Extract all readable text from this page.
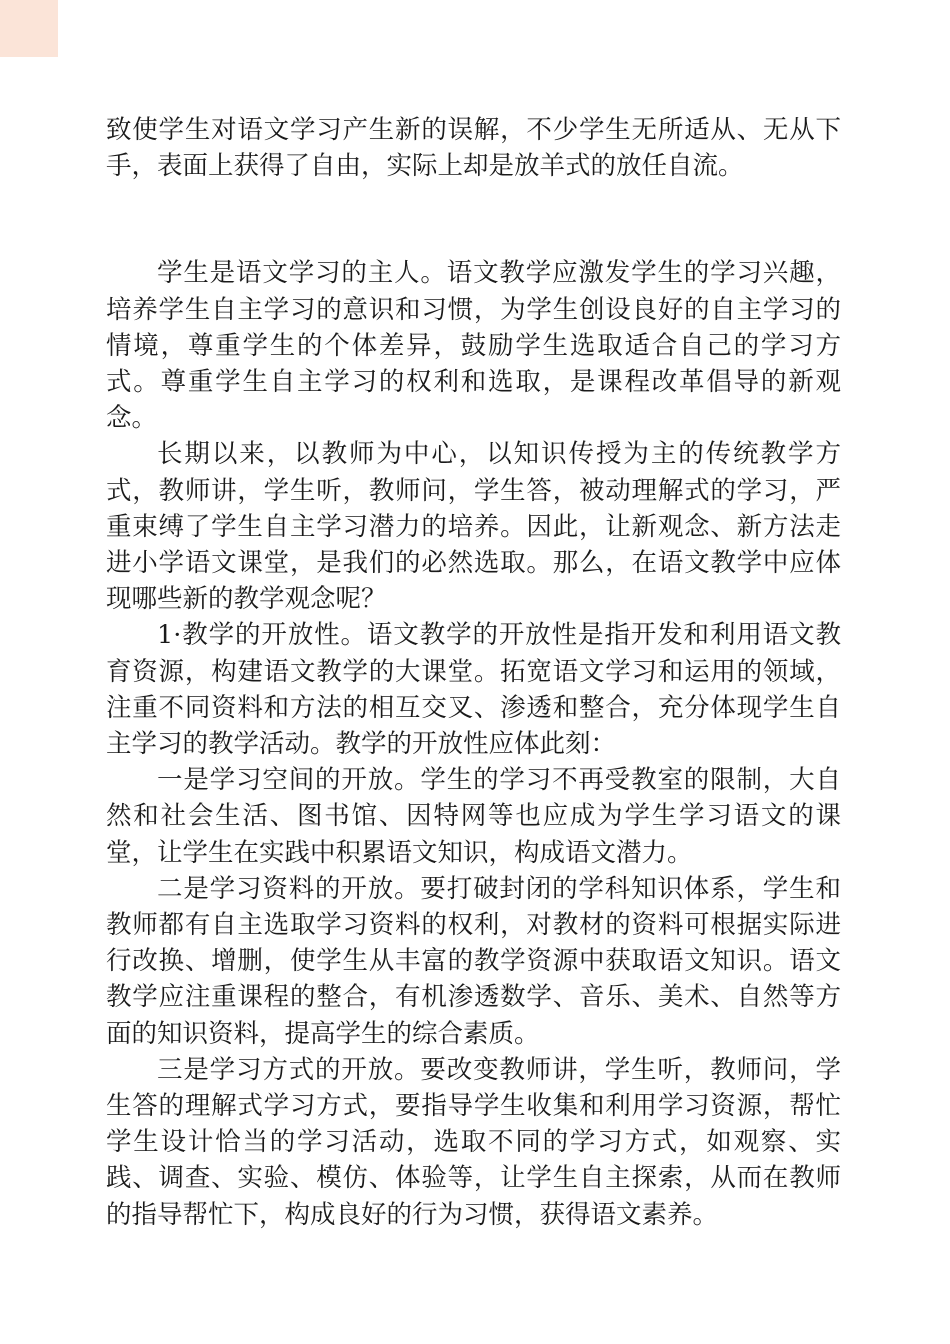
致使学生对语文学习产生新的误解，不少学生无所适从、无从下手，表面上获得了自由，实际上却是放羊式的放任自流。

学生是语文学习的主人。语文教学应激发学生的学习兴趣，培养学生自主学习的意识和习惯，为学生创设良好的自主学习的情境，尊重学生的个体差异，鼓励学生选取适合自己的学习方式。尊重学生自主学习的权利和选取，是课程改革倡导的新观念。

长期以来，以教师为中心，以知识传授为主的传统教学方式，教师讲，学生听，教师问，学生答，被动理解式的学习，严重束缚了学生自主学习潜力的培养。因此，让新观念、新方法走进小学语文课堂，是我们的必然选取。那么，在语文教学中应体现哪些新的教学观念呢？

1·教学的开放性。语文教学的开放性是指开发和利用语文教育资源，构建语文教学的大课堂。拓宽语文学习和运用的领域，注重不同资料和方法的相互交叉、渗透和整合，充分体现学生自主学习的教学活动。教学的开放性应体此刻：

一是学习空间的开放。学生的学习不再受教室的限制，大自然和社会生活、图书馆、因特网等也应成为学生学习语文的课堂，让学生在实践中积累语文知识，构成语文潜力。

二是学习资料的开放。要打破封闭的学科知识体系，学生和教师都有自主选取学习资料的权利，对教材的资料可根据实际进行改换、增删，使学生从丰富的教学资源中获取语文知识。语文教学应注重课程的整合，有机渗透数学、音乐、美术、自然等方面的知识资料，提高学生的综合素质。

三是学习方式的开放。要改变教师讲，学生听，教师问，学生答的理解式学习方式，要指导学生收集和利用学习资源，帮忙学生设计恰当的学习活动，选取不同的学习方式，如观察、实践、调查、实验、模仿、体验等，让学生自主探索，从而在教师的指导帮忙下，构成良好的行为习惯，获得语文素养。
